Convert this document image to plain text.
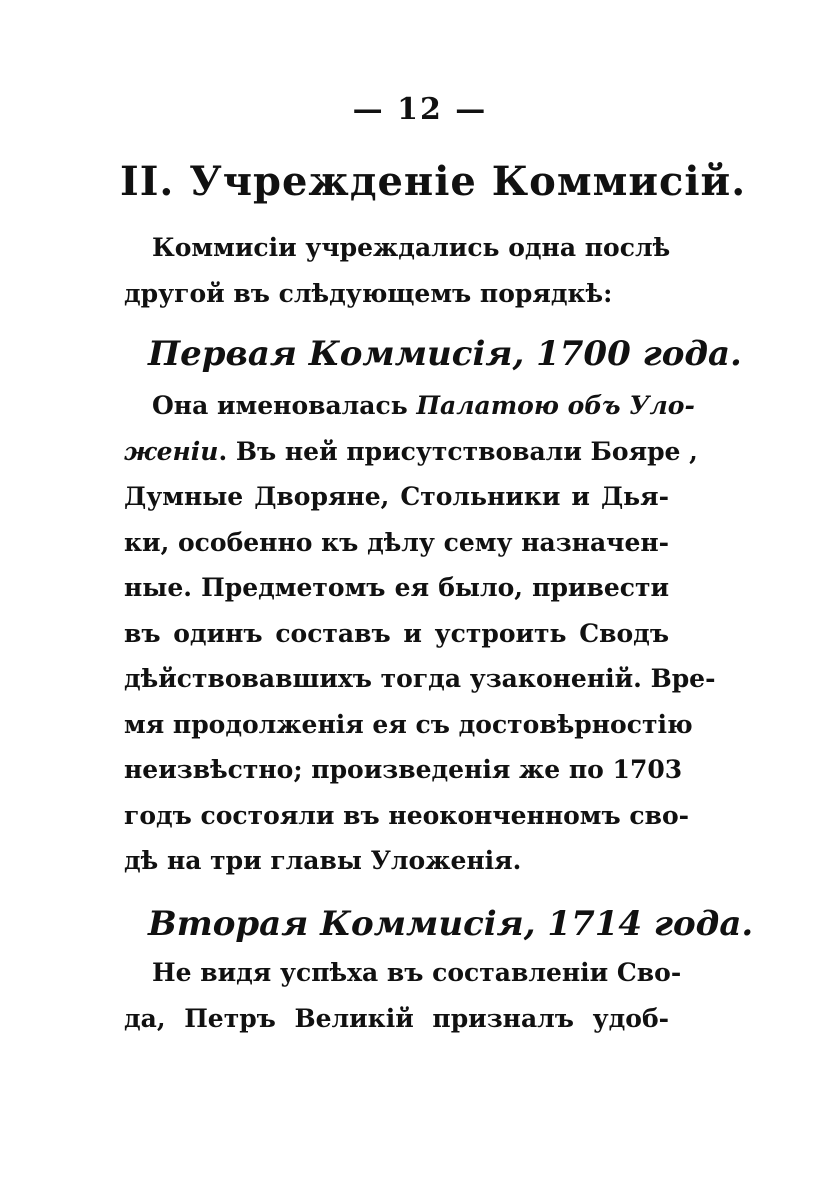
— 12 —
II. Учрежденіе Коммисій.
Коммисіи учреждались одна послѣ
другой въ слѣдующемъ порядкѣ:
Первая Коммисія, 1700 года.
Она именовалась Палатою объ Уло-
женіи. Въ ней присутствовали Бояре ,
Думные Дворяне, Стольники и Дья-
ки, особенно къ дѣлу сему назначен-
ные. Предметомъ ея было, привести
въ одинъ составъ и устроить Сводъ
дѣйствовавшихъ тогда узаконеній. Вре-
мя продолженія ея съ достовѣрностію
неизвѣстно; произведенія же по 1703
годъ состояли въ неоконченномъ сво-
дѣ на три главы Уложенія.
Вторая Коммисія, 1714 года.
Не видя успѣха въ составленіи Сво-
да, Петръ Великій призналъ удоб-
